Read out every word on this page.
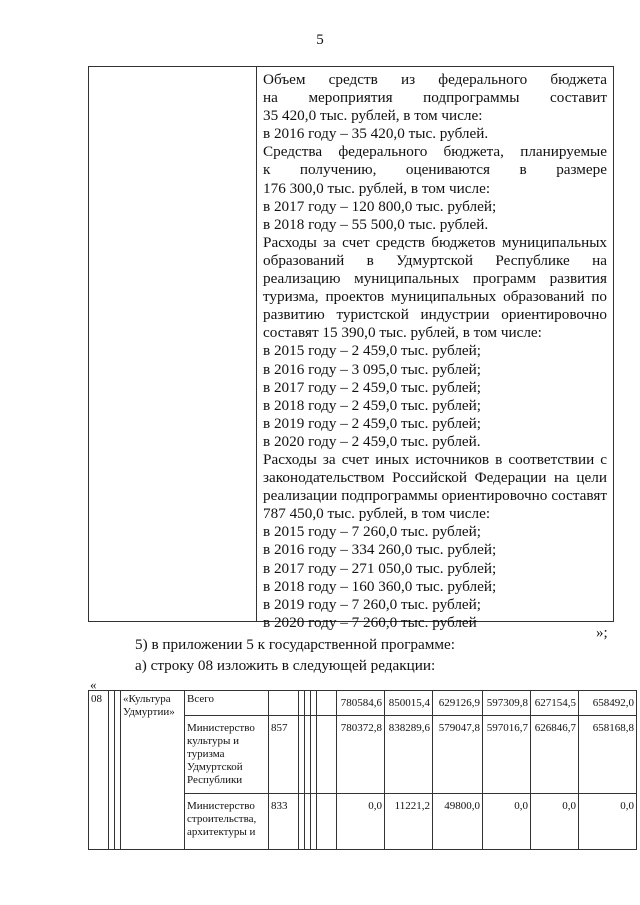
5
Объем средств из федерального бюджета
на мероприятия подпрограммы составит
35 420,0 тыс. рублей, в том числе:
в 2016 году – 35 420,0 тыс. рублей.
Средства федерального бюджета, планируемые
к получению, оцениваются в размере
176 300,0 тыс. рублей, в том числе:
в 2017 году – 120 800,0 тыс. рублей;
в 2018 году – 55 500,0 тыс. рублей.
Расходы за счет средств бюджетов муниципальных
образований в Удмуртской Республике на
реализацию муниципальных программ развития
туризма, проектов муниципальных образований по
развитию туристской индустрии ориентировочно
составят 15 390,0 тыс. рублей, в том числе:
в 2015 году – 2 459,0 тыс. рублей;
в 2016 году – 3 095,0 тыс. рублей;
в 2017 году – 2 459,0 тыс. рублей;
в 2018 году – 2 459,0 тыс. рублей;
в 2019 году – 2 459,0 тыс. рублей;
в 2020 году – 2 459,0 тыс. рублей.
Расходы за счет иных источников в соответствии с
законодательством Российской Федерации на цели
реализации подпрограммы ориентировочно составят
787 450,0 тыс. рублей, в том числе:
в 2015 году – 7 260,0 тыс. рублей;
в 2016 году – 334 260,0 тыс. рублей;
в 2017 году – 271 050,0 тыс. рублей;
в 2018 году – 160 360,0 тыс. рублей;
в 2019 году – 7 260,0 тыс. рублей;
в 2020 году – 7 260,0 тыс. рублей
»;
5) в приложении 5 к государственной программе:
а) строку 08 изложить в следующей редакции:
«
08			«Культура Удмуртии»	Всего						780584,6	850015,4	629126,9	597309,8	627154,5	658492,0
				Министерство культуры и туризма Удмуртской Республики	857					780372,8	838289,6	579047,8	597016,7	626846,7	658168,8
				Министерство строительства, архитектуры и	833					0,0	11221,2	49800,0	0,0	0,0	0,0
